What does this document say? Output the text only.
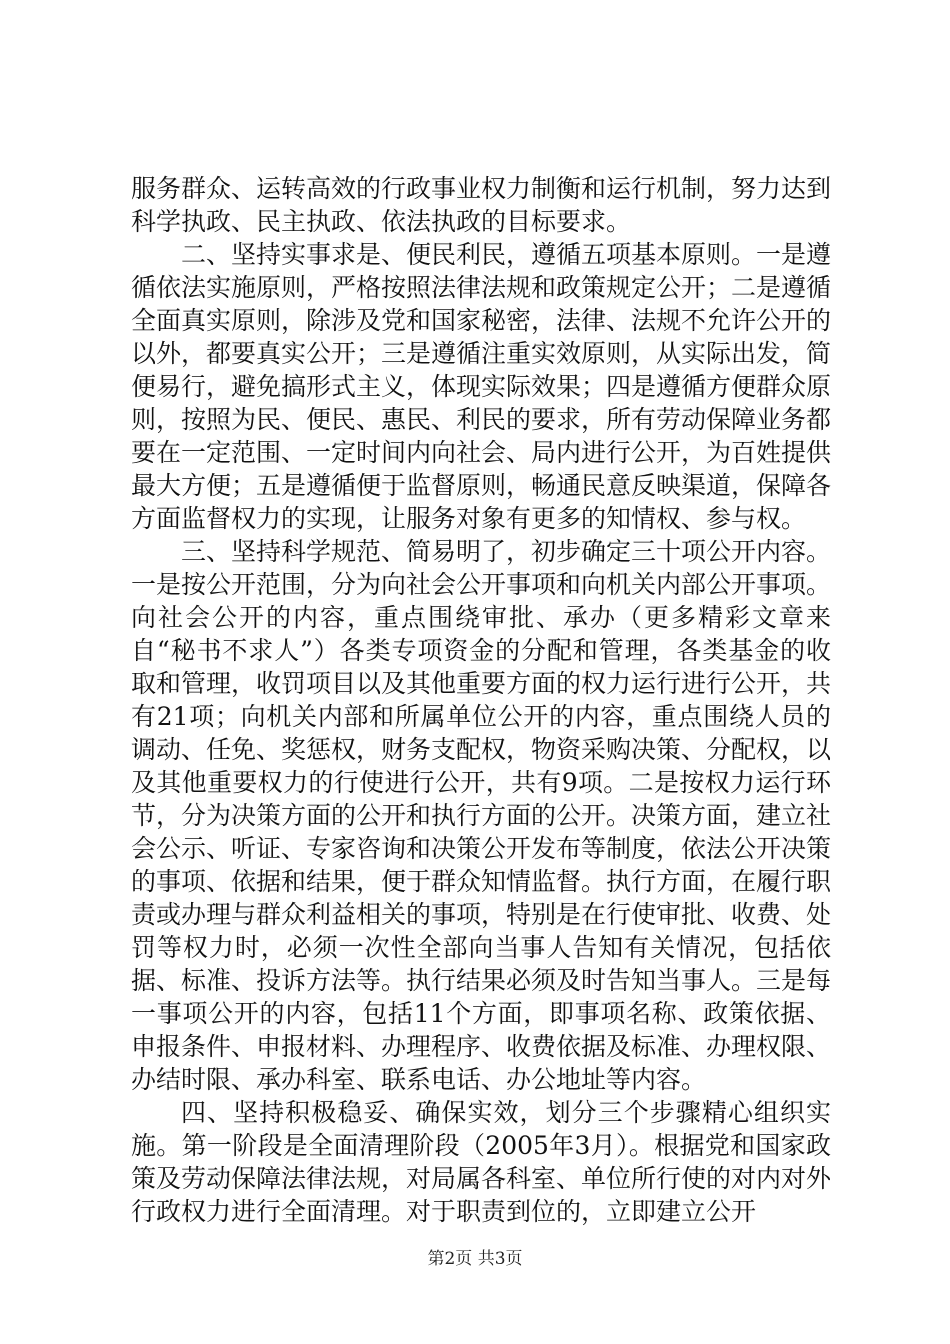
服务群众、运转高效的行政事业权力制衡和运行机制，努力达到科学执政、民主执政、依法执政的目标要求。

二、坚持实事求是、便民利民，遵循五项基本原则。一是遵循依法实施原则，严格按照法律法规和政策规定公开；二是遵循全面真实原则，除涉及党和国家秘密，法律、法规不允许公开的以外，都要真实公开；三是遵循注重实效原则，从实际出发，简便易行，避免搞形式主义，体现实际效果；四是遵循方便群众原则，按照为民、便民、惠民、利民的要求，所有劳动保障业务都要在一定范围、一定时间内向社会、局内进行公开，为百姓提供最大方便；五是遵循便于监督原则，畅通民意反映渠道，保障各方面监督权力的实现，让服务对象有更多的知情权、参与权。

三、坚持科学规范、简易明了，初步确定三十项公开内容。一是按公开范围，分为向社会公开事项和向机关内部公开事项。向社会公开的内容，重点围绕审批、承办（更多精彩文章来自“秘书不求人”）各类专项资金的分配和管理，各类基金的收取和管理，收罚项目以及其他重要方面的权力运行进行公开，共有21项；向机关内部和所属单位公开的内容，重点围绕人员的调动、任免、奖惩权，财务支配权，物资采购决策、分配权，以及其他重要权力的行使进行公开，共有9项。二是按权力运行环节，分为决策方面的公开和执行方面的公开。决策方面，建立社会公示、听证、专家咨询和决策公开发布等制度，依法公开决策的事项、依据和结果，便于群众知情监督。执行方面，在履行职责或办理与群众利益相关的事项，特别是在行使审批、收费、处罚等权力时，必须一次性全部向当事人告知有关情况，包括依据、标准、投诉方法等。执行结果必须及时告知当事人。三是每一事项公开的内容，包括11个方面，即事项名称、政策依据、申报条件、申报材料、办理程序、收费依据及标准、办理权限、办结时限、承办科室、联系电话、办公地址等内容。

四、坚持积极稳妥、确保实效，划分三个步骤精心组织实施。第一阶段是全面清理阶段（2005年3月）。根据党和国家政策及劳动保障法律法规，对局属各科室、单位所行使的对内对外行政权力进行全面清理。对于职责到位的，立即建立公开

第2页 共3页
